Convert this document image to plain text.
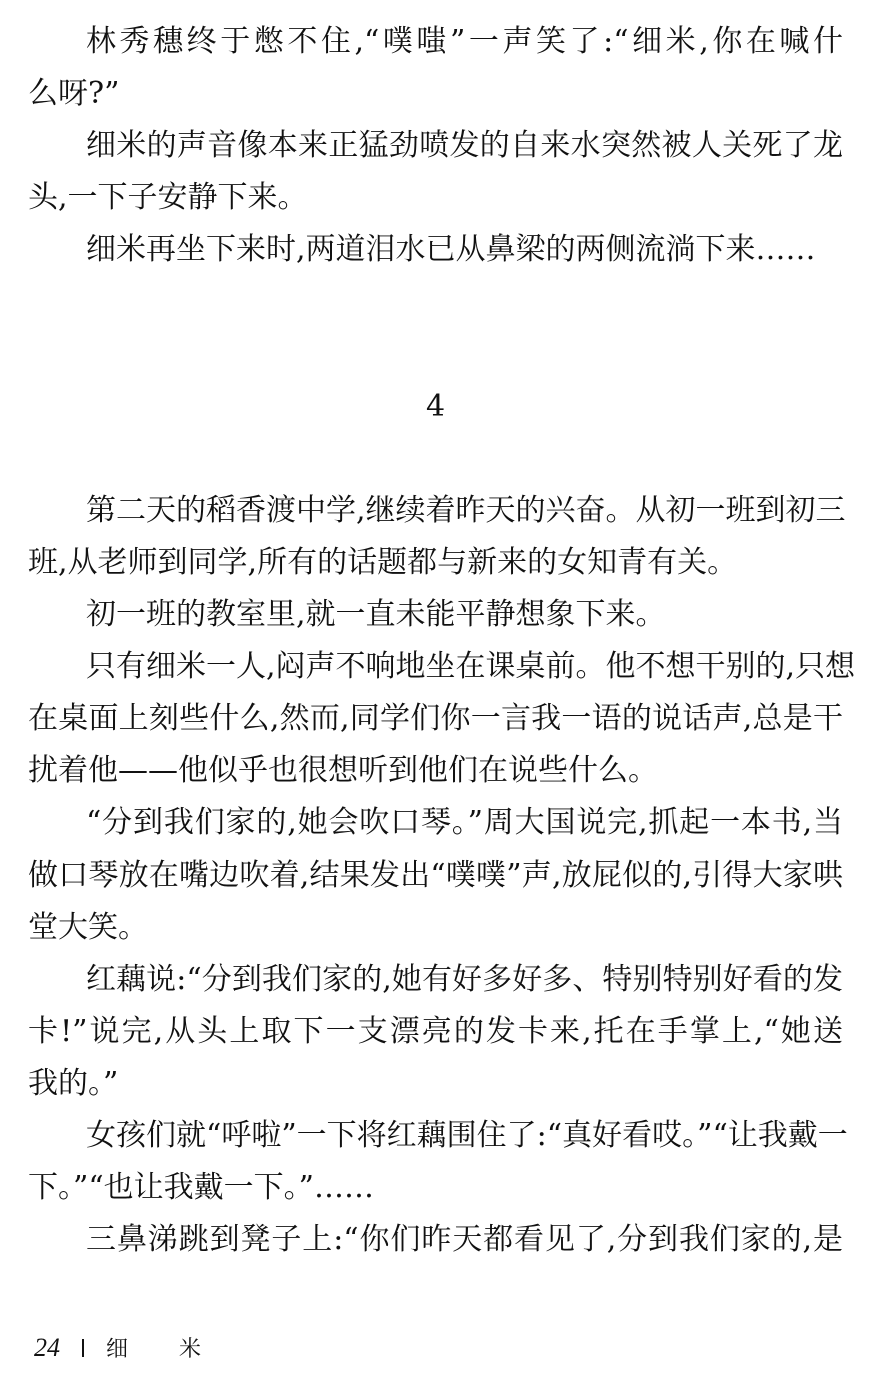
林秀穗终于憋不住,“噗嗤”一声笑了:“细米,你在喊什
么呀?”
细米的声音像本来正猛劲喷发的自来水突然被人关死了龙
头,一下子安静下来。
细米再坐下来时,两道泪水已从鼻梁的两侧流淌下来……
4
第二天的稻香渡中学,继续着昨天的兴奋。从初一班到初三
班,从老师到同学,所有的话题都与新来的女知青有关。
初一班的教室里,就一直未能平静想象下来。
只有细米一人,闷声不响地坐在课桌前。他不想干别的,只想
在桌面上刻些什么,然而,同学们你一言我一语的说话声,总是干
扰着他——他似乎也很想听到他们在说些什么。
“分到我们家的,她会吹口琴。”周大国说完,抓起一本书,当
做口琴放在嘴边吹着,结果发出“噗噗”声,放屁似的,引得大家哄
堂大笑。
红藕说:“分到我们家的,她有好多好多、特别特别好看的发
卡!”说完,从头上取下一支漂亮的发卡来,托在手掌上,“她送
我的。”
女孩们就“呼啦”一下将红藕围住了:“真好看哎。”“让我戴一
下。”“也让我戴一下。”……
三鼻涕跳到凳子上:“你们昨天都看见了,分到我们家的,是
24 细 米
